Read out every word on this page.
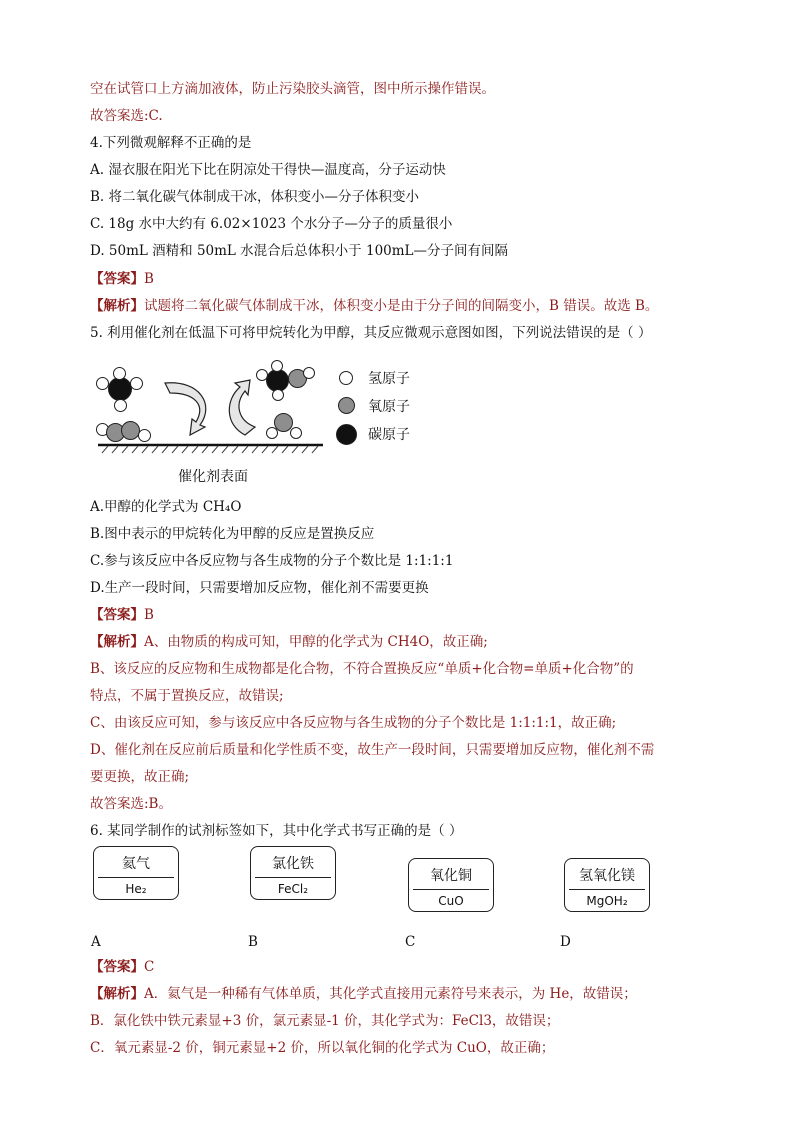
空在试管口上方滴加液体，防止污染胶头滴管，图中所示操作错误。
故答案选:C.
4.下列微观解释不正确的是
A. 湿衣服在阳光下比在阴凉处干得快—温度高，分子运动快
B. 将二氧化碳气体制成干冰，体积变小—分子体积变小
C. 18g 水中大约有 6.02×1023 个水分子—分子的质量很小
D. 50mL 酒精和 50mL 水混合后总体积小于 100mL—分子间有间隔
【答案】B
【解析】试题将二氧化碳气体制成干冰，体积变小是由于分子间的间隔变小，B 错误。故选 B。
5. 利用催化剂在低温下可将甲烷转化为甲醇，其反应微观示意图如图，下列说法错误的是（ ）
催化剂表面
氢原子
氧原子
碳原子
A.甲醇的化学式为 CH₄O
B.图中表示的甲烷转化为甲醇的反应是置换反应
C.参与该反应中各反应物与各生成物的分子个数比是 1:1:1:1
D.生产一段时间，只需要增加反应物，催化剂不需要更换
【答案】B
【解析】A、由物质的构成可知，甲醇的化学式为 CH4O，故正确;
B、该反应的反应物和生成物都是化合物，不符合置换反应“单质+化合物=单质+化合物”的
特点，不属于置换反应，故错误;
C、由该反应可知，参与该反应中各反应物与各生成物的分子个数比是 1:1:1:1，故正确;
D、催化剂在反应前后质量和化学性质不变，故生产一段时间，只需要增加反应物，催化剂不需
要更换，故正确;
故答案选:B。
6. 某同学制作的试剂标签如下，其中化学式书写正确的是（ ）
氦气
He₂
氯化铁
FeCl₂
氧化铜
CuO
氢氧化镁
MgOH₂
A	B	C	D
【答案】C
【解析】A．氦气是一种稀有气体单质，其化学式直接用元素符号来表示，为 He，故错误；
B．氯化铁中铁元素显+3 价，氯元素显-1 价，其化学式为：FeCl3，故错误；
C．氧元素显-2 价，铜元素显+2 价，所以氧化铜的化学式为 CuO，故正确；
